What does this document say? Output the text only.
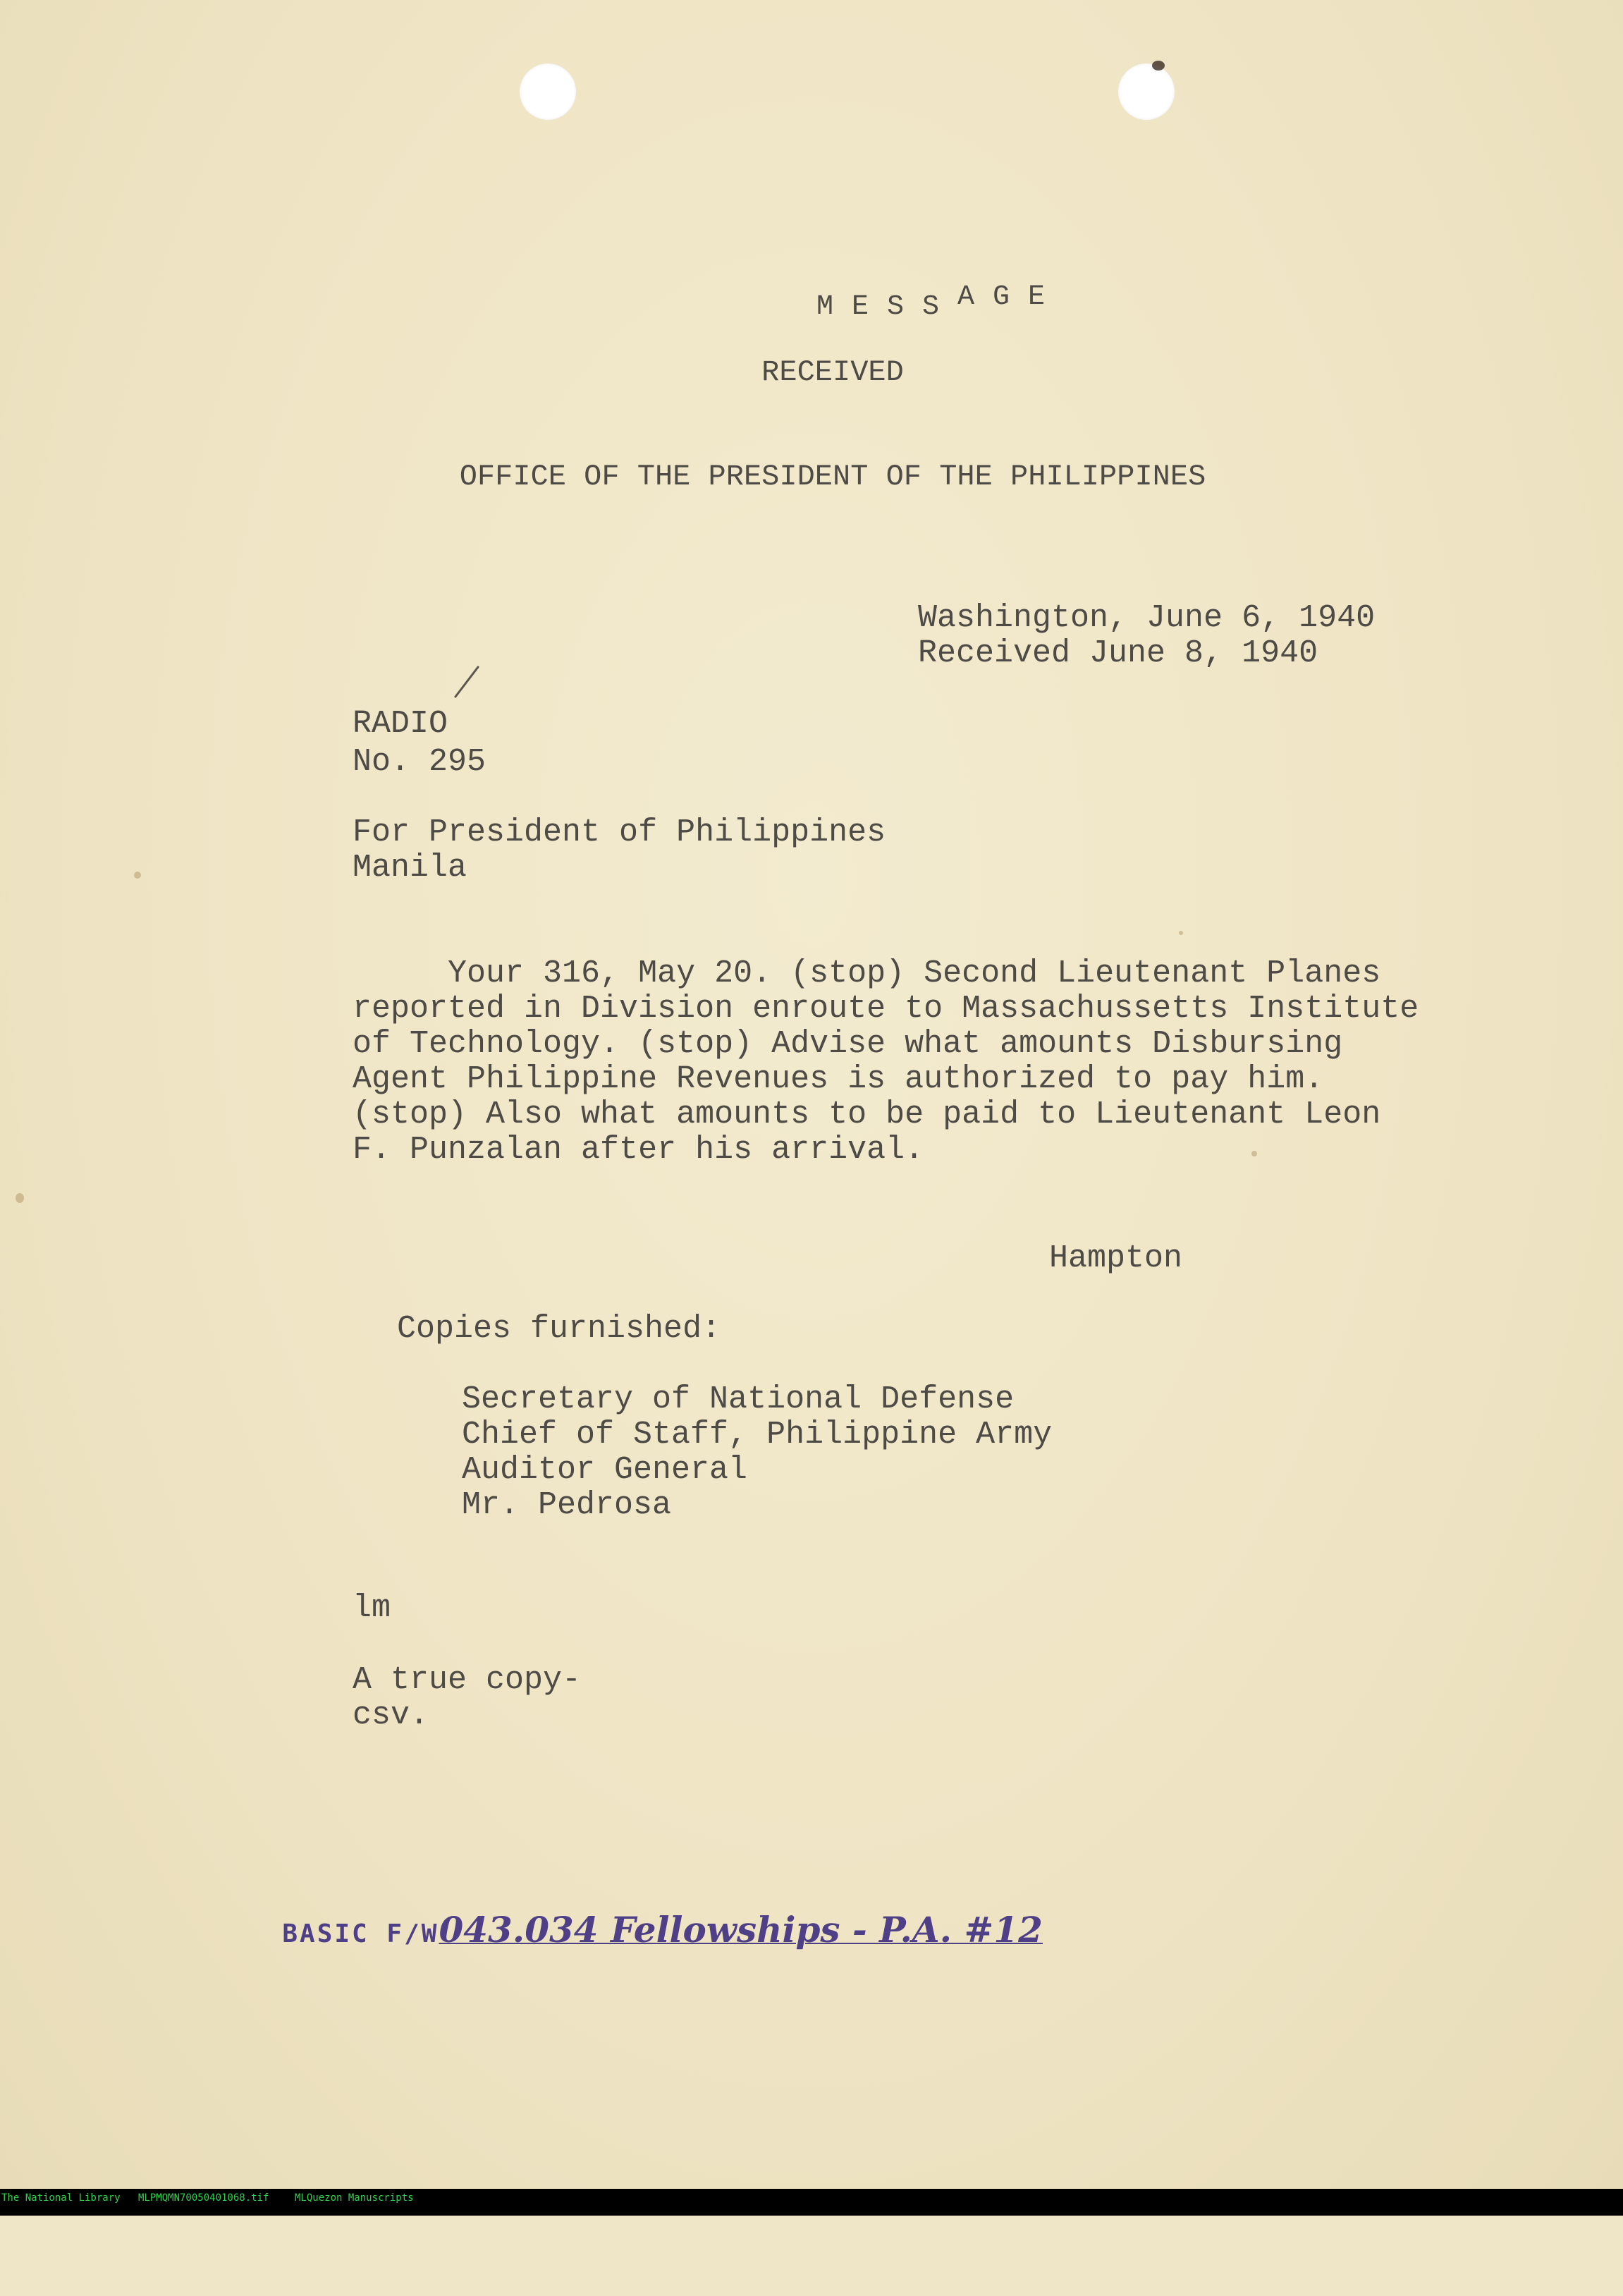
MESSAGE

RECEIVED
OFFICE OF THE PRESIDENT OF THE PHILIPPINES
Washington, June 6, 1940
Received June 8, 1940
RADIO
No. 295
For President of Philippines
Manila
Your 316, May 20. (stop) Second Lieutenant Planes
reported in Division enroute to Massachussetts Institute
of Technology. (stop) Advise what amounts Disbursing
Agent Philippine Revenues is authorized to pay him.
(stop) Also what amounts to be paid to Lieutenant Leon
F. Punzalan after his arrival.
Hampton
Copies furnished:
Secretary of National Defense
Chief of Staff, Philippine Army
Auditor General
Mr. Pedrosa
lm
A true copy-
csv.

BASIC F/W043.034 Fellowships - P.A. #12

The National Library

MLPMQMN70050401068.tif

	MLQuezon Manuscripts
